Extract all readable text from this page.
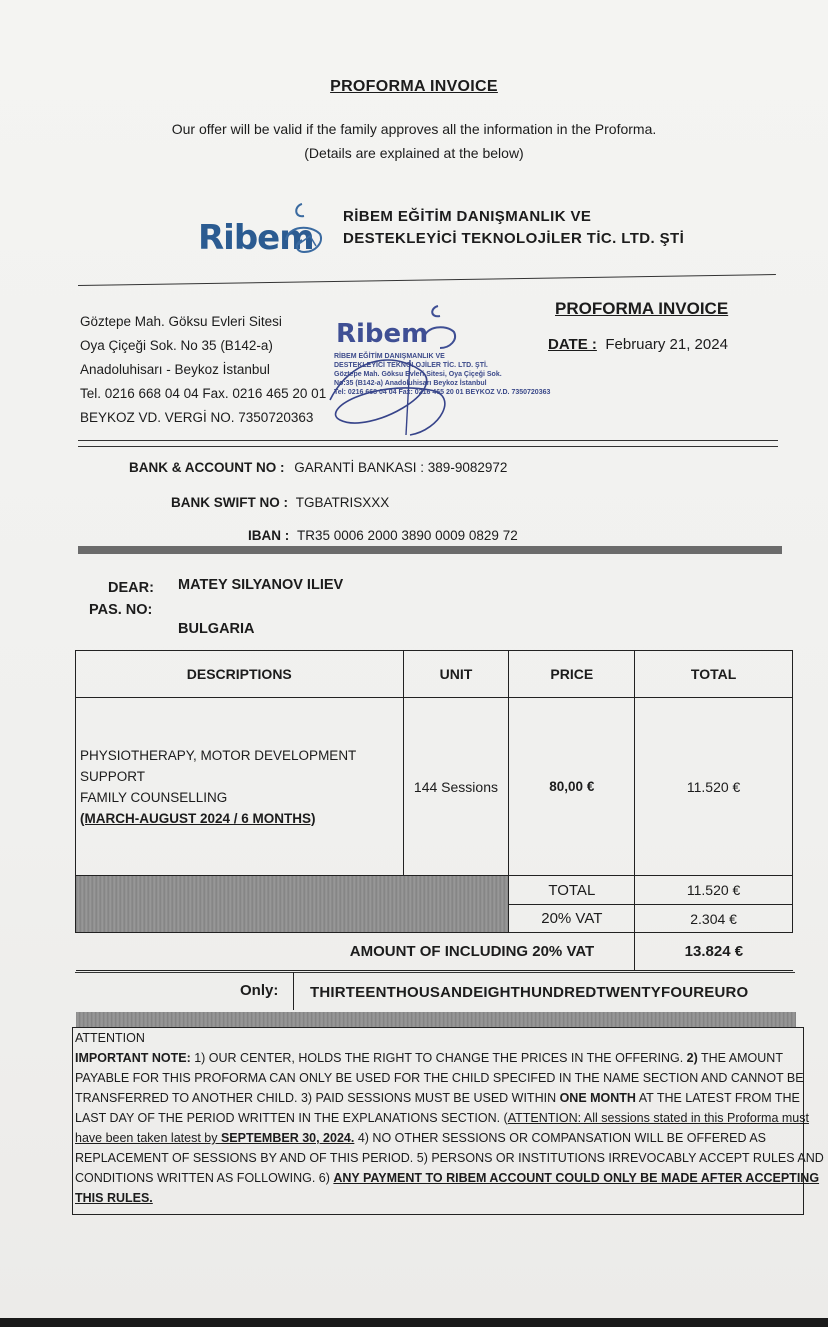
PROFORMA INVOICE
Our offer will be valid if the family approves all the information in the Proforma.
(Details are explained at the below)
Ribem
RİBEM EĞİTİM DANIŞMANLIK VE
DESTEKLEYİCİ TEKNOLOJİLER TİC. LTD. ŞTİ
Göztepe Mah. Göksu Evleri Sitesi
Oya Çiçeği Sok. No 35 (B142-a)
Anadoluhisarı - Beykoz İstanbul
Tel. 0216 668 04 04 Fax. 0216 465 20 01
BEYKOZ VD. VERGİ NO. 7350720363
Ribem
RİBEM EĞİTİM DANIŞMANLIK VE
DESTEKLEYİCİ TEKNOLOJİLER TİC. LTD. ŞTİ.
Göztepe Mah. Göksu Evleri Sitesi, Oya Çiçeği Sok.
No:35 (B142-a) Anadoluhisarı Beykoz İstanbul
Tel: 0216 668 04 04 Fax: 0216 465 20 01 BEYKOZ V.D. 7350720363
PROFORMA INVOICE
DATE : February 21, 2024
BANK & ACCOUNT NO : GARANTİ BANKASI : 389-9082972
BANK SWIFT NO : TGBATRISXXX
IBAN : TR35 0006 2000 3890 0009 0829 72
DEAR: MATEY SILYANOV ILIEV
PAS. NO:
BULGARIA
DESCRIPTIONS	UNIT	PRICE	TOTAL

PHYSIOTHERAPY, MOTOR DEVELOPMENT SUPPORT
FAMILY COUNSELLING
(MARCH-AUGUST 2024 / 6 MONTHS)	144 Sessions	80,00 €	11.520 €
		TOTAL	11.520 €
		20% VAT	2.304 €
AMOUNT OF INCLUDING 20% VAT			13.824 €
Only: THIRTEENTHOUSANDEIGHTHUNDREDTWENTYFOUREURO
ATTENTION
IMPORTANT NOTE: 1) OUR CENTER, HOLDS THE RIGHT TO CHANGE THE PRICES IN THE OFFERING. 2) THE AMOUNT
PAYABLE FOR THIS PROFORMA CAN ONLY BE USED FOR THE CHILD SPECIFED IN THE NAME SECTION AND CANNOT BE
TRANSFERRED TO ANOTHER CHILD. 3) PAID SESSIONS MUST BE USED WITHIN ONE MONTH AT THE LATEST FROM THE
LAST DAY OF THE PERIOD WRITTEN IN THE EXPLANATIONS SECTION. (ATTENTION: All sessions stated in this Proforma must
have been taken latest by SEPTEMBER 30, 2024. 4) NO OTHER SESSIONS OR COMPANSATION WILL BE OFFERED AS
REPLACEMENT OF SESSIONS BY AND OF THIS PERIOD. 5) PERSONS OR INSTITUTIONS IRREVOCABLY ACCEPT RULES AND
CONDITIONS WRITTEN AS FOLLOWING. 6) ANY PAYMENT TO RIBEM ACCOUNT COULD ONLY BE MADE AFTER ACCEPTING
THIS RULES.
